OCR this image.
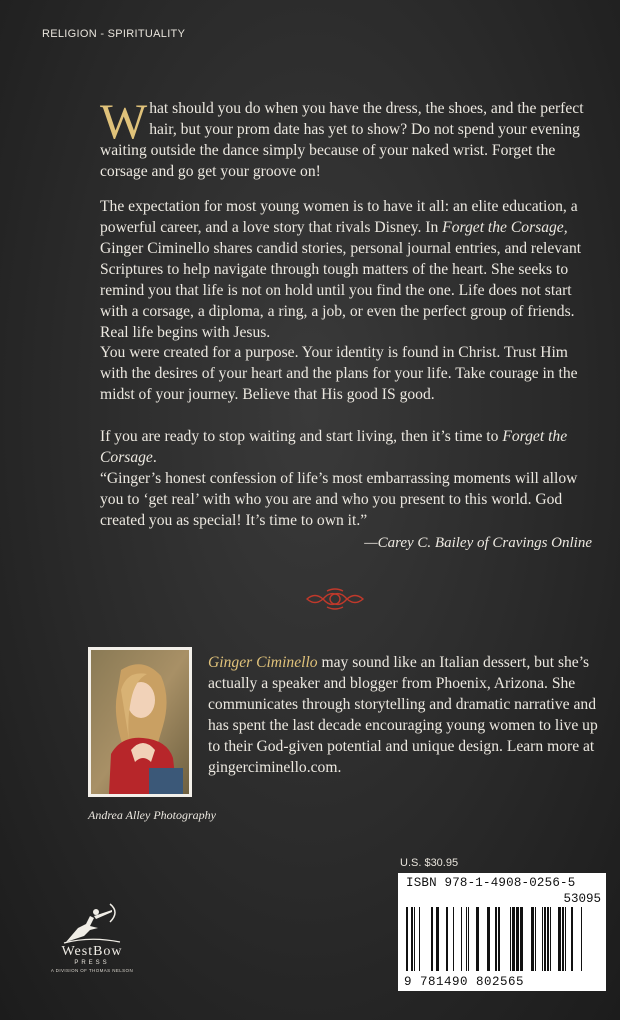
RELIGION - SPIRITUALITY

What should you do when you have the dress, the shoes, and the perfect hair, but your prom date has yet to show? Do not spend your evening waiting outside the dance simply because of your naked wrist. Forget the corsage and go get your groove on!

The expectation for most young women is to have it all: an elite education, a powerful career, and a love story that rivals Disney. In Forget the Corsage, Ginger Ciminello shares candid stories, personal journal entries, and relevant Scriptures to help navigate through tough matters of the heart. She seeks to remind you that life is not on hold until you find the one. Life does not start with a corsage, a diploma, a ring, a job, or even the perfect group of friends. Real life begins with Jesus.

You were created for a purpose. Your identity is found in Christ. Trust Him with the desires of your heart and the plans for your life. Take courage in the midst of your journey. Believe that His good IS good.

If you are ready to stop waiting and start living, then it’s time to Forget the Corsage.

“Ginger’s honest confession of life’s most embarrassing moments will allow you to ‘get real’ with who you are and who you present to this world. God created you as special! It’s time to own it.”

—Carey C. Bailey of Cravings Online
Andrea Alley Photography
Ginger Ciminello may sound like an Italian dessert, but she’s actually a speaker and blogger from Phoenix, Arizona. She communicates through storytelling and dramatic narrative and has spent the last decade encouraging young women to live up to their God-given potential and unique design. Learn more at gingerciminello.com.
U.S. $30.95
ISBN 978-1-4908-0256-5
53095
9 781490 802565
WestBow
PRESS
A DIVISION OF THOMAS NELSON
